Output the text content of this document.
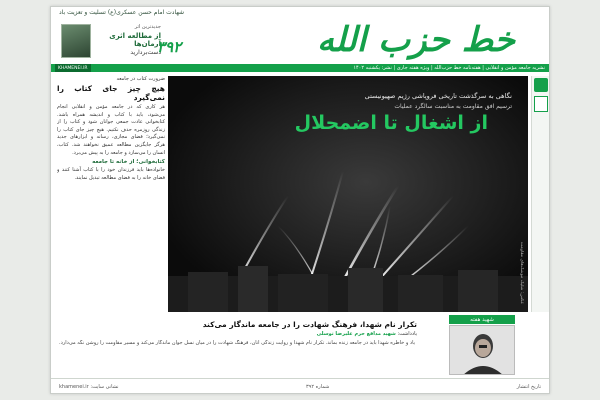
شهادت امام حسن عسکری(ع) تسلیت و تعزیت باد
جدیدترین اثر
از مطالعه اثری آرمان‌ها
دست‌بردارید
۳۹۲	خط حزب الله
نشریه جامعه مؤمن و انقلابی | هفته‌نامه خط حزب‌الله | ویژه هفته جاری | نشر: یکشنبه ۱۴۰۲
KHAMENEI.IR
ضرورت کتاب در جامعه
هیچ چیز جای کتاب را نمی‌گیرد
هر کاری که در جامعه مؤمن و انقلابی انجام می‌شود، باید با کتاب و اندیشه همراه باشد. کتابخوانی عادت جمعی جوانان شود و کتاب را از زندگی روزمره حذف نکنیم. هیچ چیز جای کتاب را نمی‌گیرد؛ فضای مجازی، رسانه و ابزارهای جدید هرگز جایگزین مطالعه عمیق نخواهند شد. کتاب، انسان را می‌سازد و جامعه را به پیش می‌برد.
کتابخوانی؛ از خانه تا جامعه
خانواده‌ها باید فرزندان خود را با کتاب آشنا کنند و فضای خانه را به فضای مطالعه تبدیل نمایند.
نگاهی به سرگذشت تاریخی فروپاشی رژیم صهیونیستی
ترسیم افق مقاومت به مناسبت سالگرد عملیات
از اشغال تا اضمحلال
عکس: شلیک موشک‌های مقاومت
شهید هفته
تکرار نام شهدا، فرهنگ شهادت را در جامعه ماندگار می‌کند
یادداشت: شهید مدافع حرم علیرضا توسلی
یاد و خاطره شهدا باید در جامعه زنده بماند. تکرار نام شهدا و روایت زندگی آنان، فرهنگ شهادت را در میان نسل جوان ماندگار می‌کند و مسیر مقاومت را روشن نگه می‌دارد.
تاریخ انتشار
شماره ۳۹۲
نشانی سایت: khamenei.ir
